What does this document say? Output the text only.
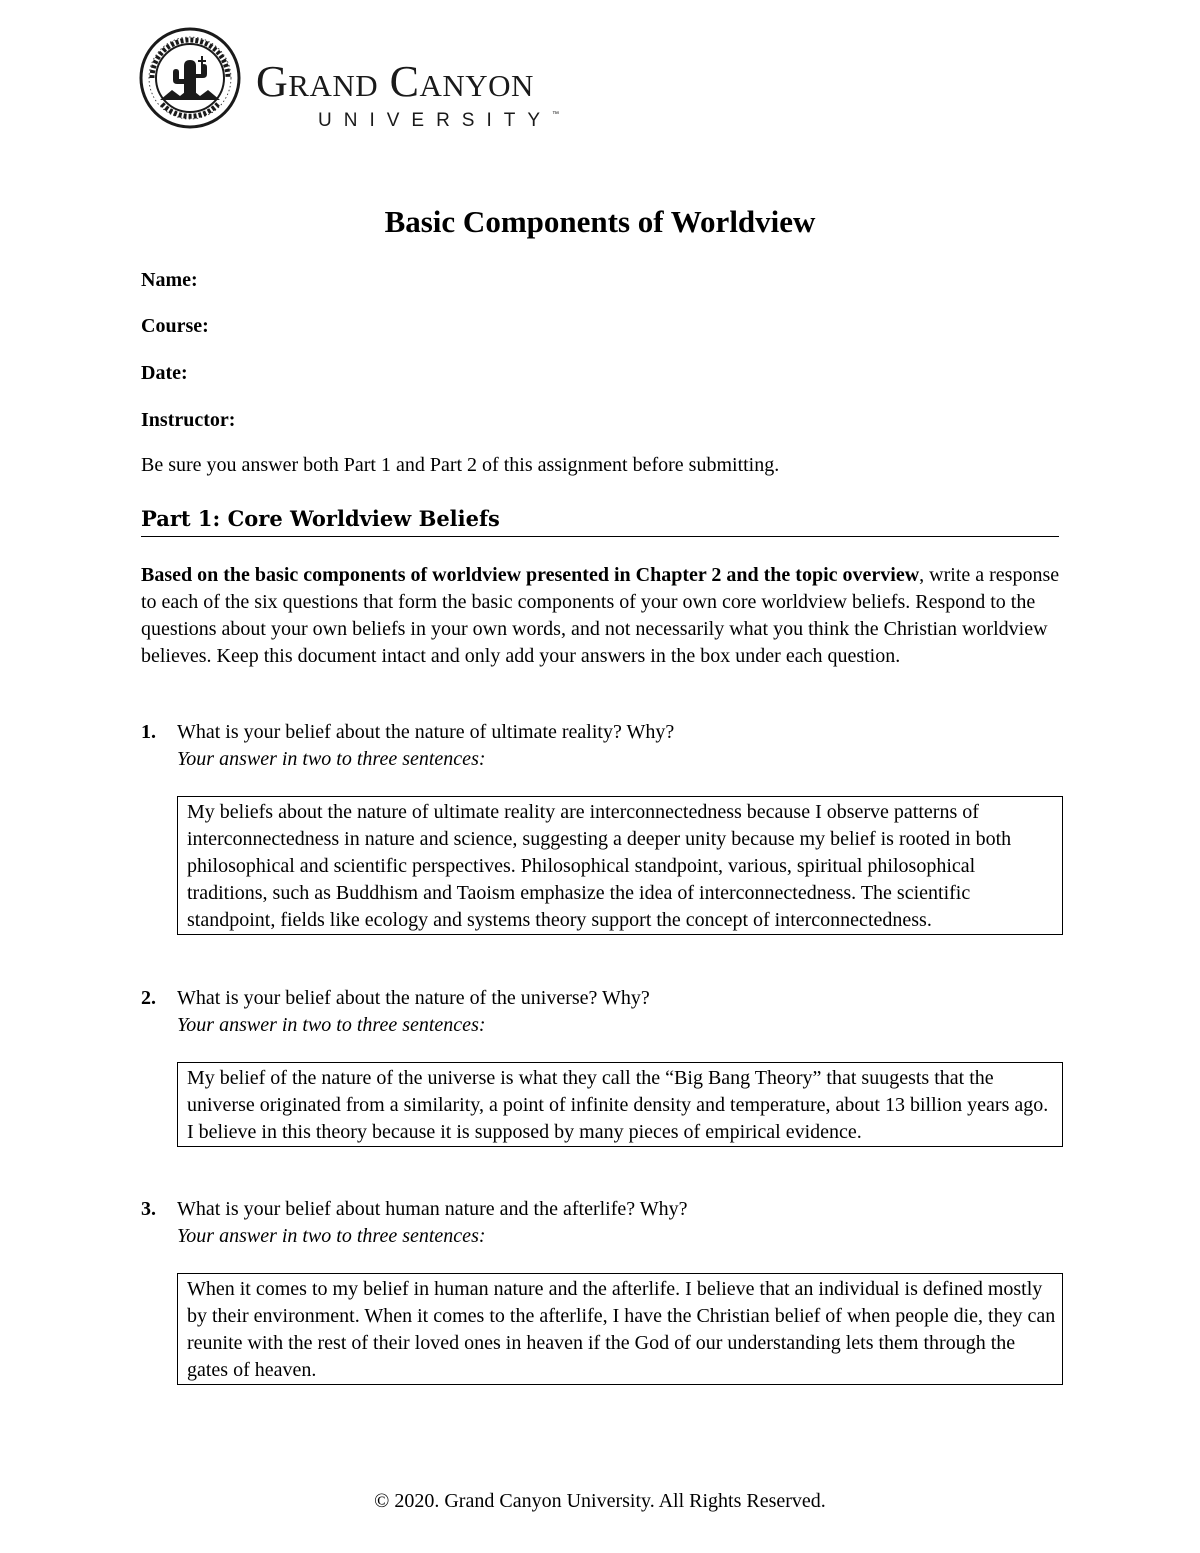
Grand Canyon
UNIVERSITY™
Basic Components of Worldview
Name:
Course:
Date:
Instructor:
Be sure you answer both Part 1 and Part 2 of this assignment before submitting.
Part 1: Core Worldview Beliefs
Based on the basic components of worldview presented in Chapter 2 and the topic overview, write a response to each of the six questions that form the basic components of your own core worldview beliefs. Respond to the questions about your own beliefs in your own words, and not necessarily what you think the Christian worldview believes. Keep this document intact and only add your answers in the box under each question.
1. What is your belief about the nature of ultimate reality? Why?
Your answer in two to three sentences:
My beliefs about the nature of ultimate reality are interconnectedness because I observe patterns of interconnectedness in nature and science, suggesting a deeper unity because my belief is rooted in both philosophical and scientific perspectives. Philosophical standpoint, various, spiritual philosophical traditions, such as Buddhism and Taoism emphasize the idea of interconnectedness. The scientific standpoint, fields like ecology and systems theory support the concept of interconnectedness.
2. What is your belief about the nature of the universe? Why?
Your answer in two to three sentences:
My belief of the nature of the universe is what they call the “Big Bang Theory” that suugests that the universe originated from a similarity, a point of infinite density and temperature, about 13 billion years ago. I believe in this theory because it is supposed by many pieces of empirical evidence.
3. What is your belief about human nature and the afterlife? Why?
Your answer in two to three sentences:
When it comes to my belief in human nature and the afterlife. I believe that an individual is defined mostly by their environment. When it comes to the afterlife, I have the Christian belief of when people die, they can reunite with the rest of their loved ones in heaven if the God of our understanding lets them through the gates of heaven.
© 2020. Grand Canyon University. All Rights Reserved.
